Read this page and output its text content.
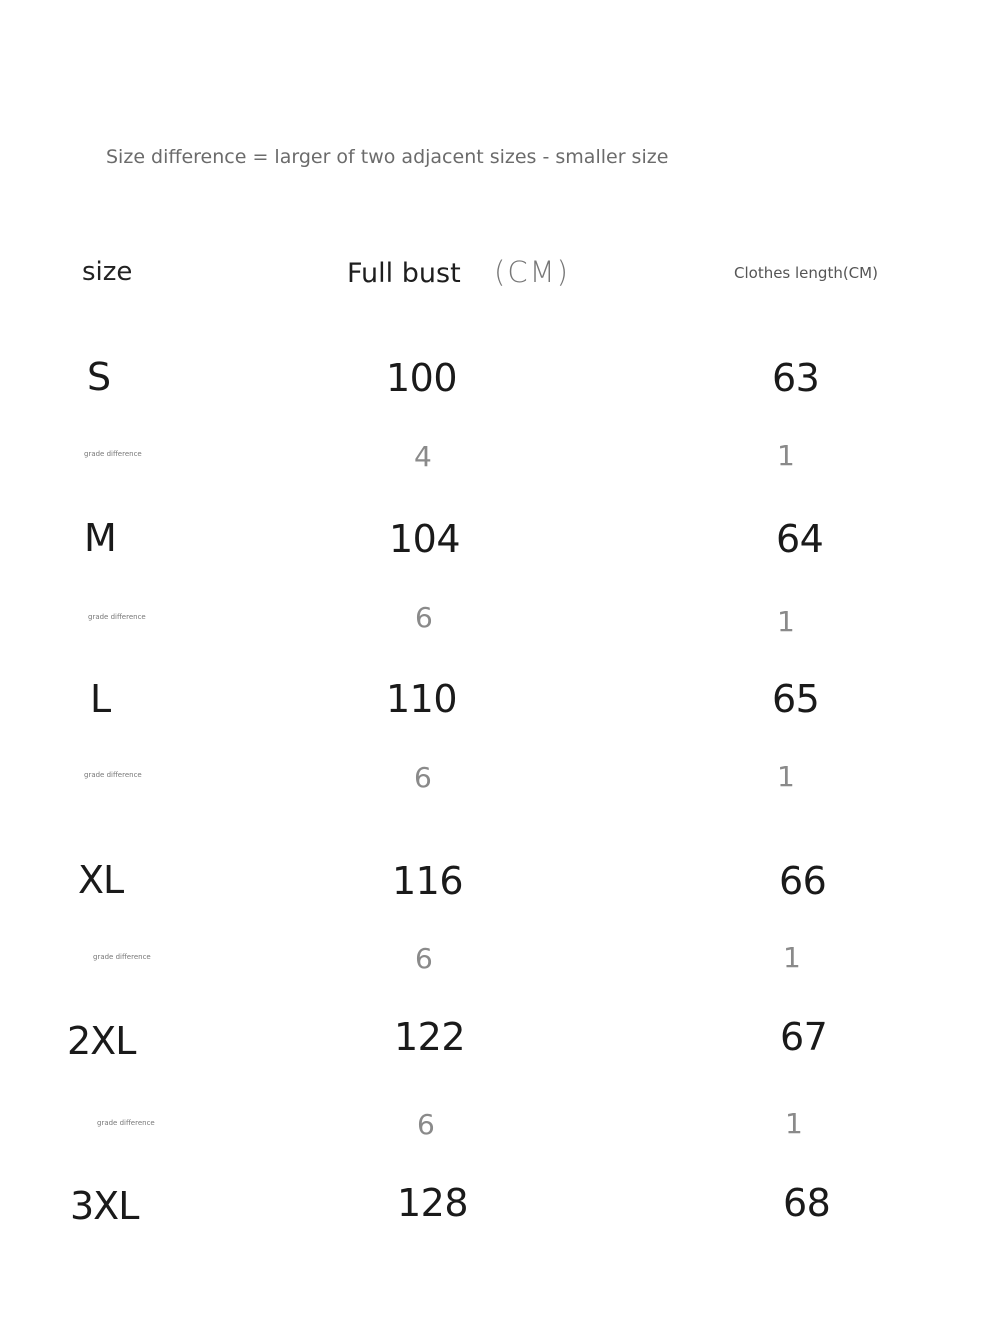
Size difference = larger of two adjacent sizes - smaller size
size	Full bust (CM)	Clothes length(CM)
S	100	63
grade difference	4	1
M	104	64
grade difference	6	1
L	110	65
grade difference	6	1
XL	116	66
grade difference	6	1
2XL	122	67
grade difference	6	1
3XL	128	68
